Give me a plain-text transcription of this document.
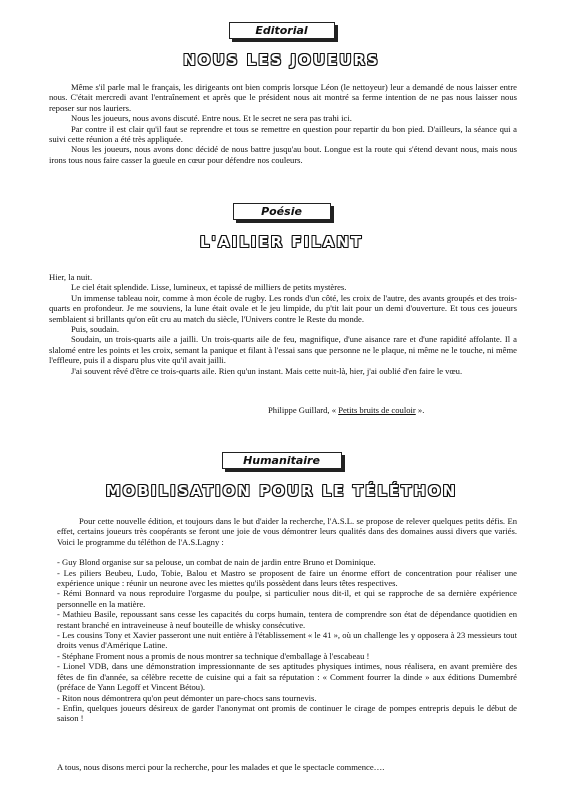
Editorial
NOUS LES JOUEURS

Même s'il parle mal le français, les dirigeants ont bien compris lorsque Léon (le nettoyeur) leur a demandé de nous laisser entre nous. C'était mercredi avant l'entraînement et après que le président nous ait montré sa ferme intention de ne pas nous laisser nous reposer sur nos lauriers.

Nous les joueurs, nous avons discuté. Entre nous. Et le secret ne sera pas trahi ici.

Par contre il est clair qu'il faut se reprendre et tous se remettre en question pour repartir du bon pied. D'ailleurs, la séance qui a suivi cette réunion a été très appliquée.

Nous les joueurs, nous avons donc décidé de nous battre jusqu'au bout. Longue est la route qui s'étend devant nous, mais nous irons tous nous faire casser la gueule en cœur pour défendre nos couleurs.

Poésie
L'AILIER FILANT

Hier, la nuit.

Le ciel était splendide. Lisse, lumineux, et tapissé de milliers de petits mystères.

Un immense tableau noir, comme à mon école de rugby. Les ronds d'un côté, les croix de l'autre, des avants groupés et des trois-quarts en profondeur. Je me souviens, la lune était ovale et le jeu limpide, du p'tit lait pour un demi d'ouverture. Et tous ces joueurs semblaient si brillants qu'on eût cru au match du siècle, l'Univers contre le Reste du monde.

Puis, soudain.

Soudain, un trois-quarts aile a jailli. Un trois-quarts aile de feu, magnifique, d'une aisance rare et d'une rapidité affolante. Il a slalomé entre les points et les croix, semant la panique et filant à l'essai sans que personne ne le plaque, ni même ne le touche, ni même l'effleure, puis il a disparu plus vite qu'il avait jailli.

J'ai souvent rêvé d'être ce trois-quarts aile. Rien qu'un instant. Mais cette nuit-là, hier, j'ai oublié d'en faire le vœu.

Philippe Guillard, « Petits bruits de couloir ».
Humanitaire
MOBILISATION POUR LE TÉLÉTHON

Pour cette nouvelle édition, et toujours dans le but d'aider la recherche, l'A.S.L. se propose de relever quelques petits défis. En effet, certains joueurs très coopérants se feront une joie de vous démontrer leurs qualités dans des domaines aussi divers que variés. Voici le programme du téléthon de l'A.S.Lagny :

- Guy Blond organise sur sa pelouse, un combat de nain de jardin entre Bruno et Dominique.

- Les piliers Beubeu, Ludo, Tobie, Balou et Mastro se proposent de faire un énorme effort de concentration pour réaliser une expérience unique : réunir un neurone avec les miettes qu'ils possèdent dans leurs têtes respectives.

- Rémi Bonnard va nous reproduire l'orgasme du poulpe, si particulier nous dit-il, et qui se rapproche de sa dernière expérience personnelle en la matière.

- Mathieu Basile, repoussant sans cesse les capacités du corps humain, tentera de comprendre son état de dépendance quotidien en restant branché en intraveineuse à neuf bouteille de whisky consécutive.

- Les cousins Tony et Xavier passeront une nuit entière à l'établissement « le 41 », où un challenge les y opposera à 23 messieurs tout droits venus d'Amérique Latine.

- Stéphane Froment nous a promis de nous montrer sa technique d'emballage à l'escabeau !

- Lionel VDB, dans une démonstration impressionnante de ses aptitudes physiques intimes, nous réalisera, en avant première des fêtes de fin d'année, sa célèbre recette de cuisine qui a fait sa réputation : « Comment fourrer la dinde » aux éditions Dumembré (préface de Yann Legoff et Vincent Bétou).

- Riton nous démontrera qu'on peut démonter un pare-chocs sans tournevis.

- Enfin, quelques joueurs désireux de garder l'anonymat ont promis de continuer le cirage de pompes entrepris depuis le début de saison !

A tous, nous disons merci pour la recherche, pour les malades et que le spectacle commence….
